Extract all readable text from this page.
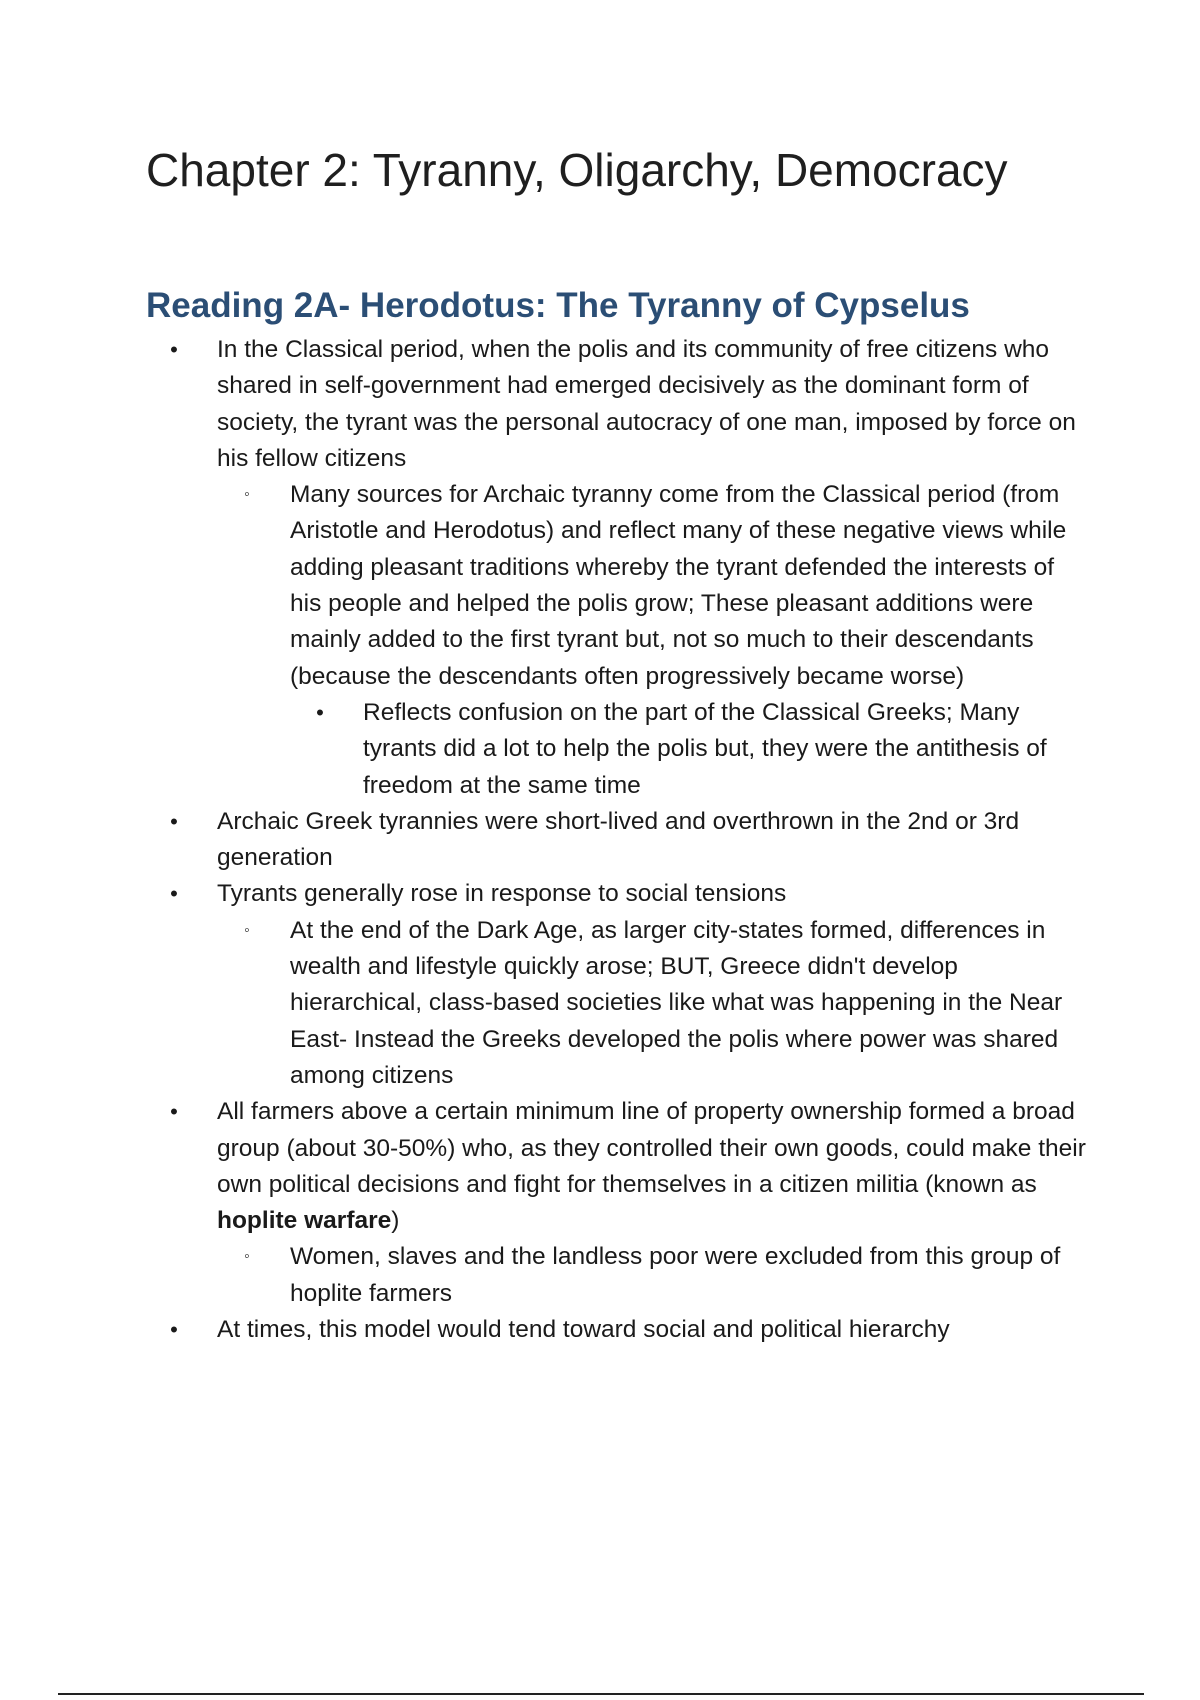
Chapter 2: Tyranny, Oligarchy, Democracy
Reading 2A- Herodotus: The Tyranny of Cypselus
• In the Classical period, when the polis and its community of free citizens who shared in self-government had emerged decisively as the dominant form of society, the tyrant was the personal autocracy of one man, imposed by force on his fellow citizens
◦ Many sources for Archaic tyranny come from the Classical period (from Aristotle and Herodotus) and reflect many of these negative views while adding pleasant traditions whereby the tyrant defended the interests of his people and helped the polis grow; These pleasant additions were mainly added to the first tyrant but, not so much to their descendants (because the descendants often progressively became worse)
• Reflects confusion on the part of the Classical Greeks; Many tyrants did a lot to help the polis but, they were the antithesis of freedom at the same time
• Archaic Greek tyrannies were short-lived and overthrown in the 2nd or 3rd generation
• Tyrants generally rose in response to social tensions
◦ At the end of the Dark Age, as larger city-states formed, differences in wealth and lifestyle quickly arose; BUT, Greece didn't develop hierarchical, class-based societies like what was happening in the Near East- Instead the Greeks developed the polis where power was shared among citizens
• All farmers above a certain minimum line of property ownership formed a broad group (about 30-50%) who, as they controlled their own goods, could make their own political decisions and fight for themselves in a citizen militia (known as hoplite warfare)
◦ Women, slaves and the landless poor were excluded from this group of hoplite farmers
• At times, this model would tend toward social and political hierarchy
